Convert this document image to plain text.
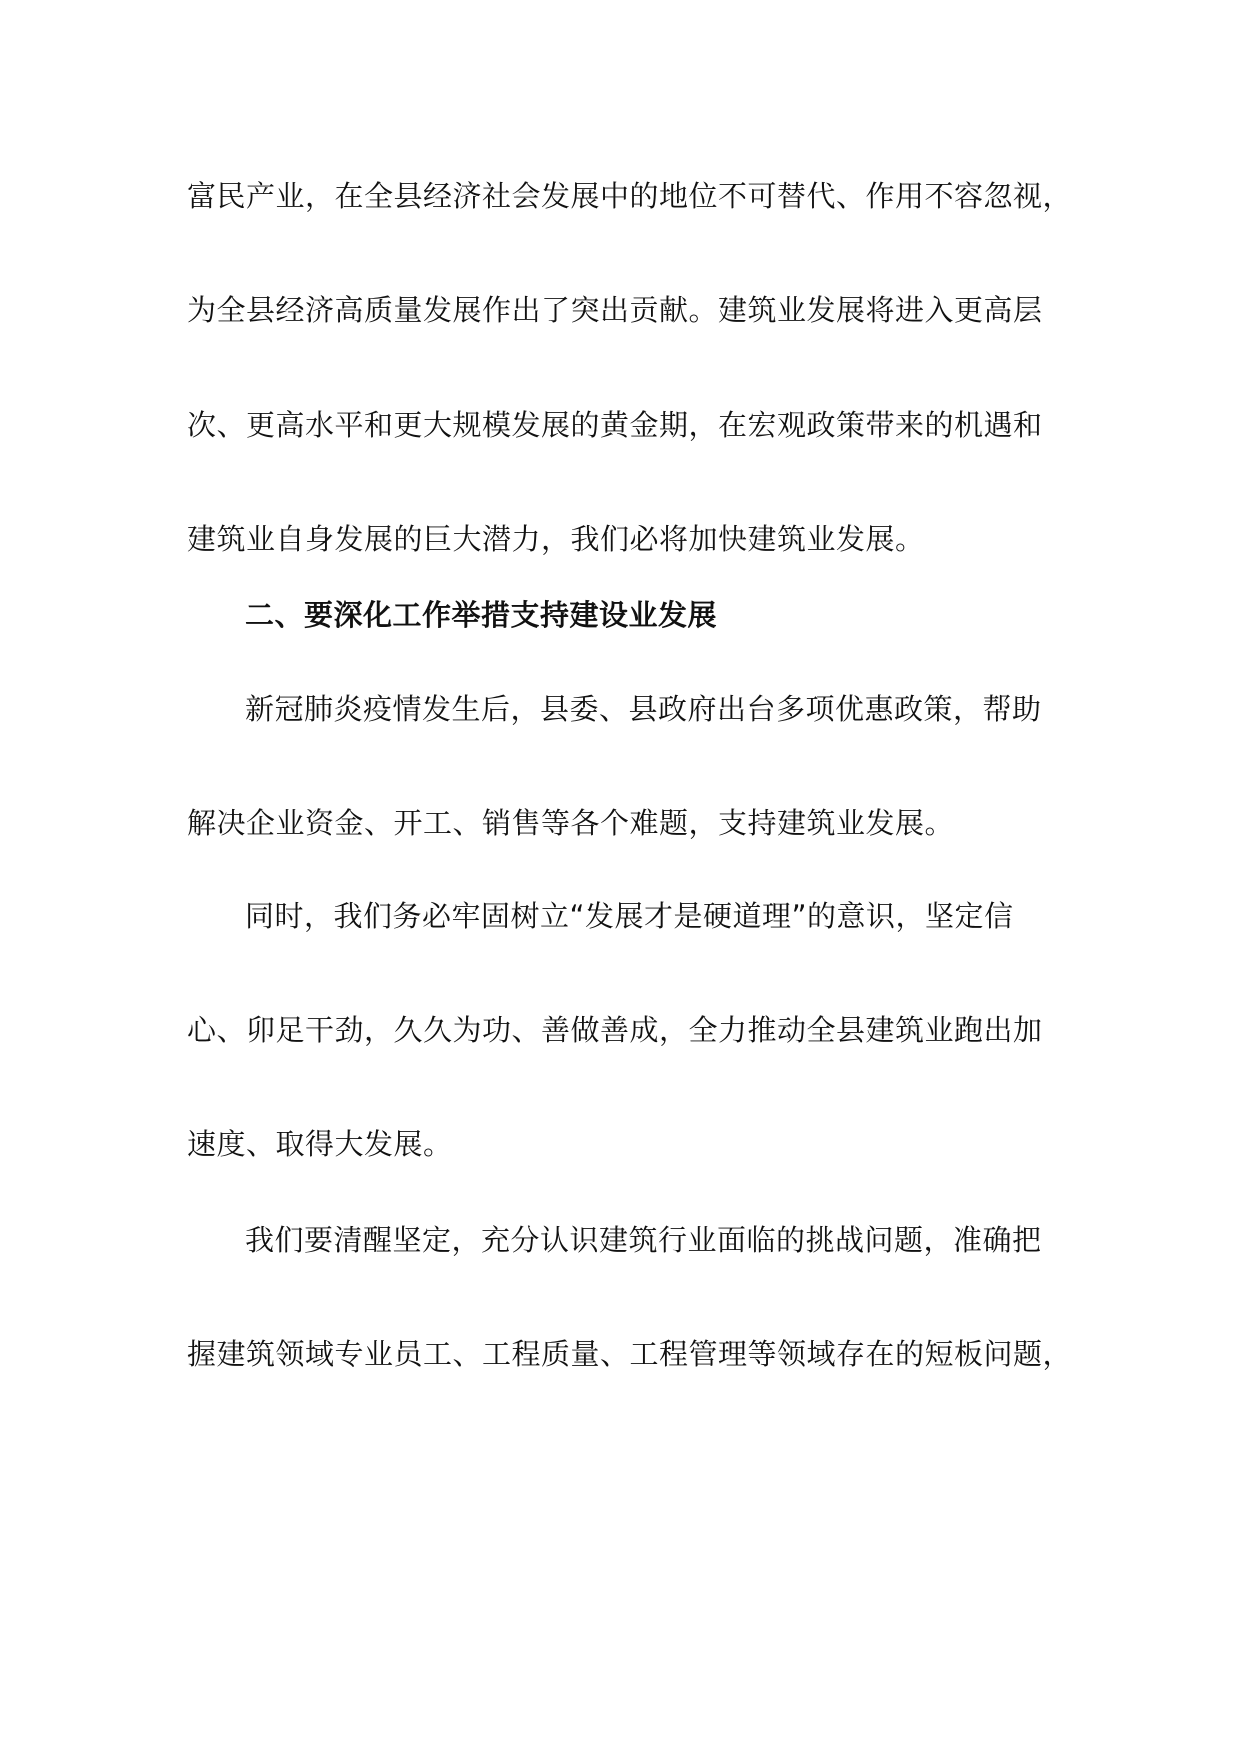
富民产业，在全县经济社会发展中的地位不可替代、作用不容忽视，
为全县经济高质量发展作出了突出贡献。建筑业发展将进入更高层
次、更高水平和更大规模发展的黄金期，在宏观政策带来的机遇和
建筑业自身发展的巨大潜力，我们必将加快建筑业发展。
二、要深化工作举措支持建设业发展
新冠肺炎疫情发生后，县委、县政府出台多项优惠政策，帮助
解决企业资金、开工、销售等各个难题，支持建筑业发展。
同时，我们务必牢固树立“发展才是硬道理”的意识，坚定信
心、卯足干劲，久久为功、善做善成，全力推动全县建筑业跑出加
速度、取得大发展。
我们要清醒坚定，充分认识建筑行业面临的挑战问题，准确把
握建筑领域专业员工、工程质量、工程管理等领域存在的短板问题，
